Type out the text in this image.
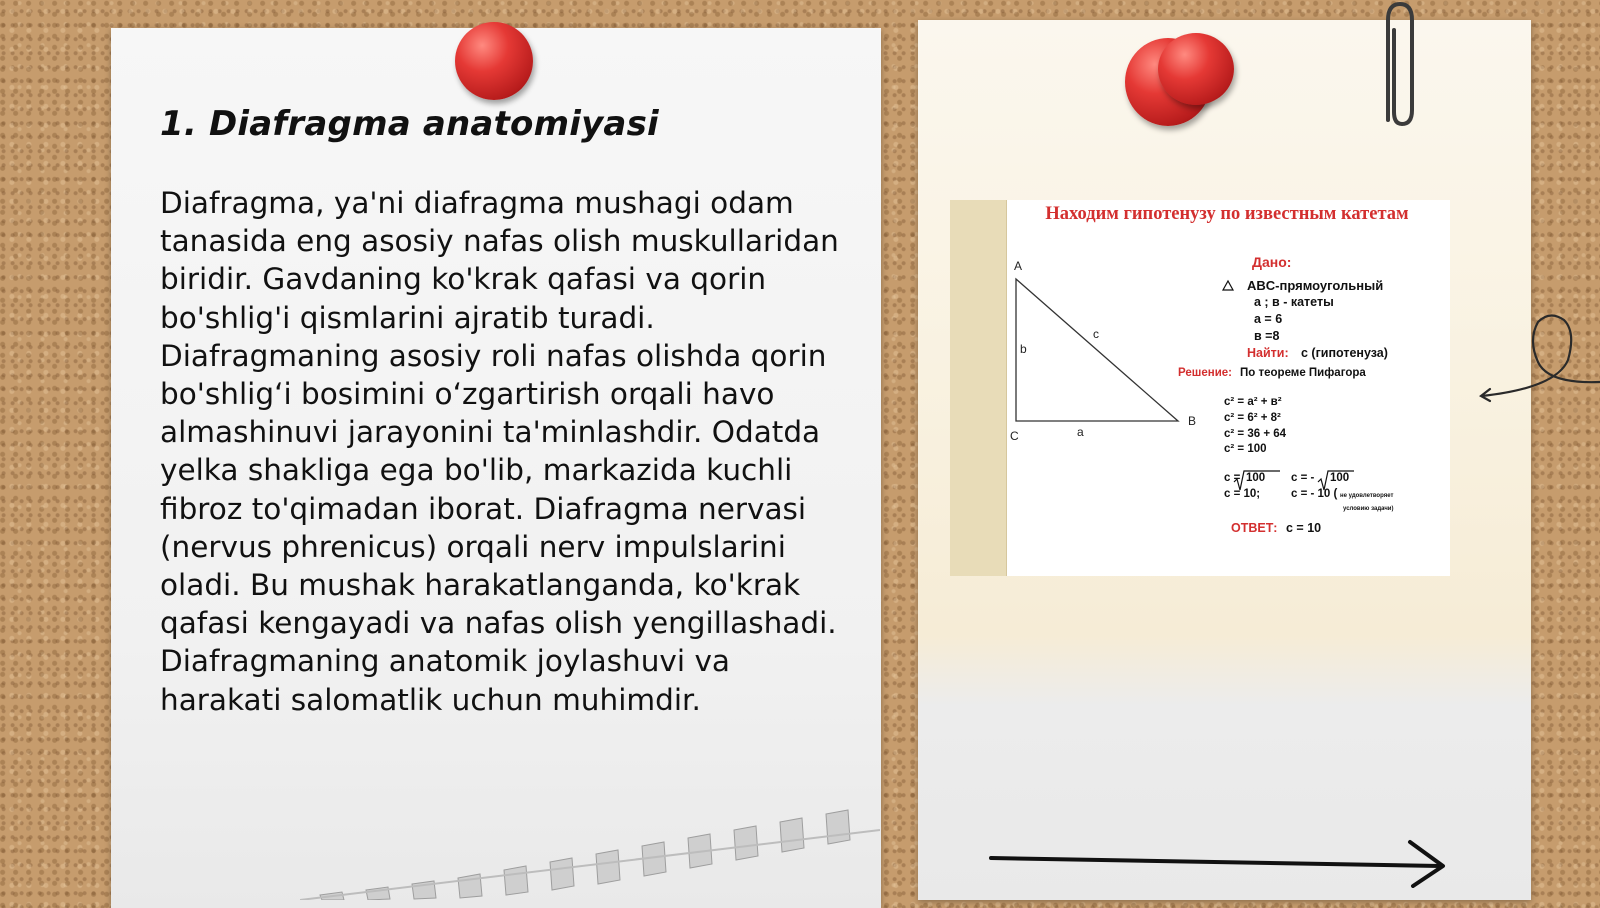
1. Diafragma anatomiyasi

Diafragma, ya'ni diafragma mushagi odam tanasida eng asosiy nafas olish muskullaridan biridir. Gavdaning ko'krak qafasi va qorin bo'shlig'i qismlarini ajratib turadi. Diafragmaning asosiy roli nafas olishda qorin bo'shlig‘i bosimini o‘zgartirish orqali havo almashinuvi jarayonini ta'minlashdir. Odatda yelka shakliga ega bo'lib, markazida kuchli fibroz to'qimadan iborat. Diafragma nervasi (nervus phrenicus) orqali nerv impulslarini oladi. Bu mushak harakatlanganda, ko'krak qafasi kengayadi va nafas olish yengillashadi. Diafragmaning anatomik joylashuvi va harakati salomatlik uchun muhimdir.

Находим гипотенузу по известным катетам

A

B

C	a

b

c

Дано:

ABC-прямоугольный

a ; в - катеты

a = 6

в =8

Найти: с (гипотенуза)

Решение: По теореме Пифагора

c² = a² + в²

c² = 6² + 8²

c² = 36 + 64

c² = 100

c = 100 c = - 100

c = 10;	c = - 10 ( не удовлетворяет

условию задачи)

ОТВЕТ: c = 10
